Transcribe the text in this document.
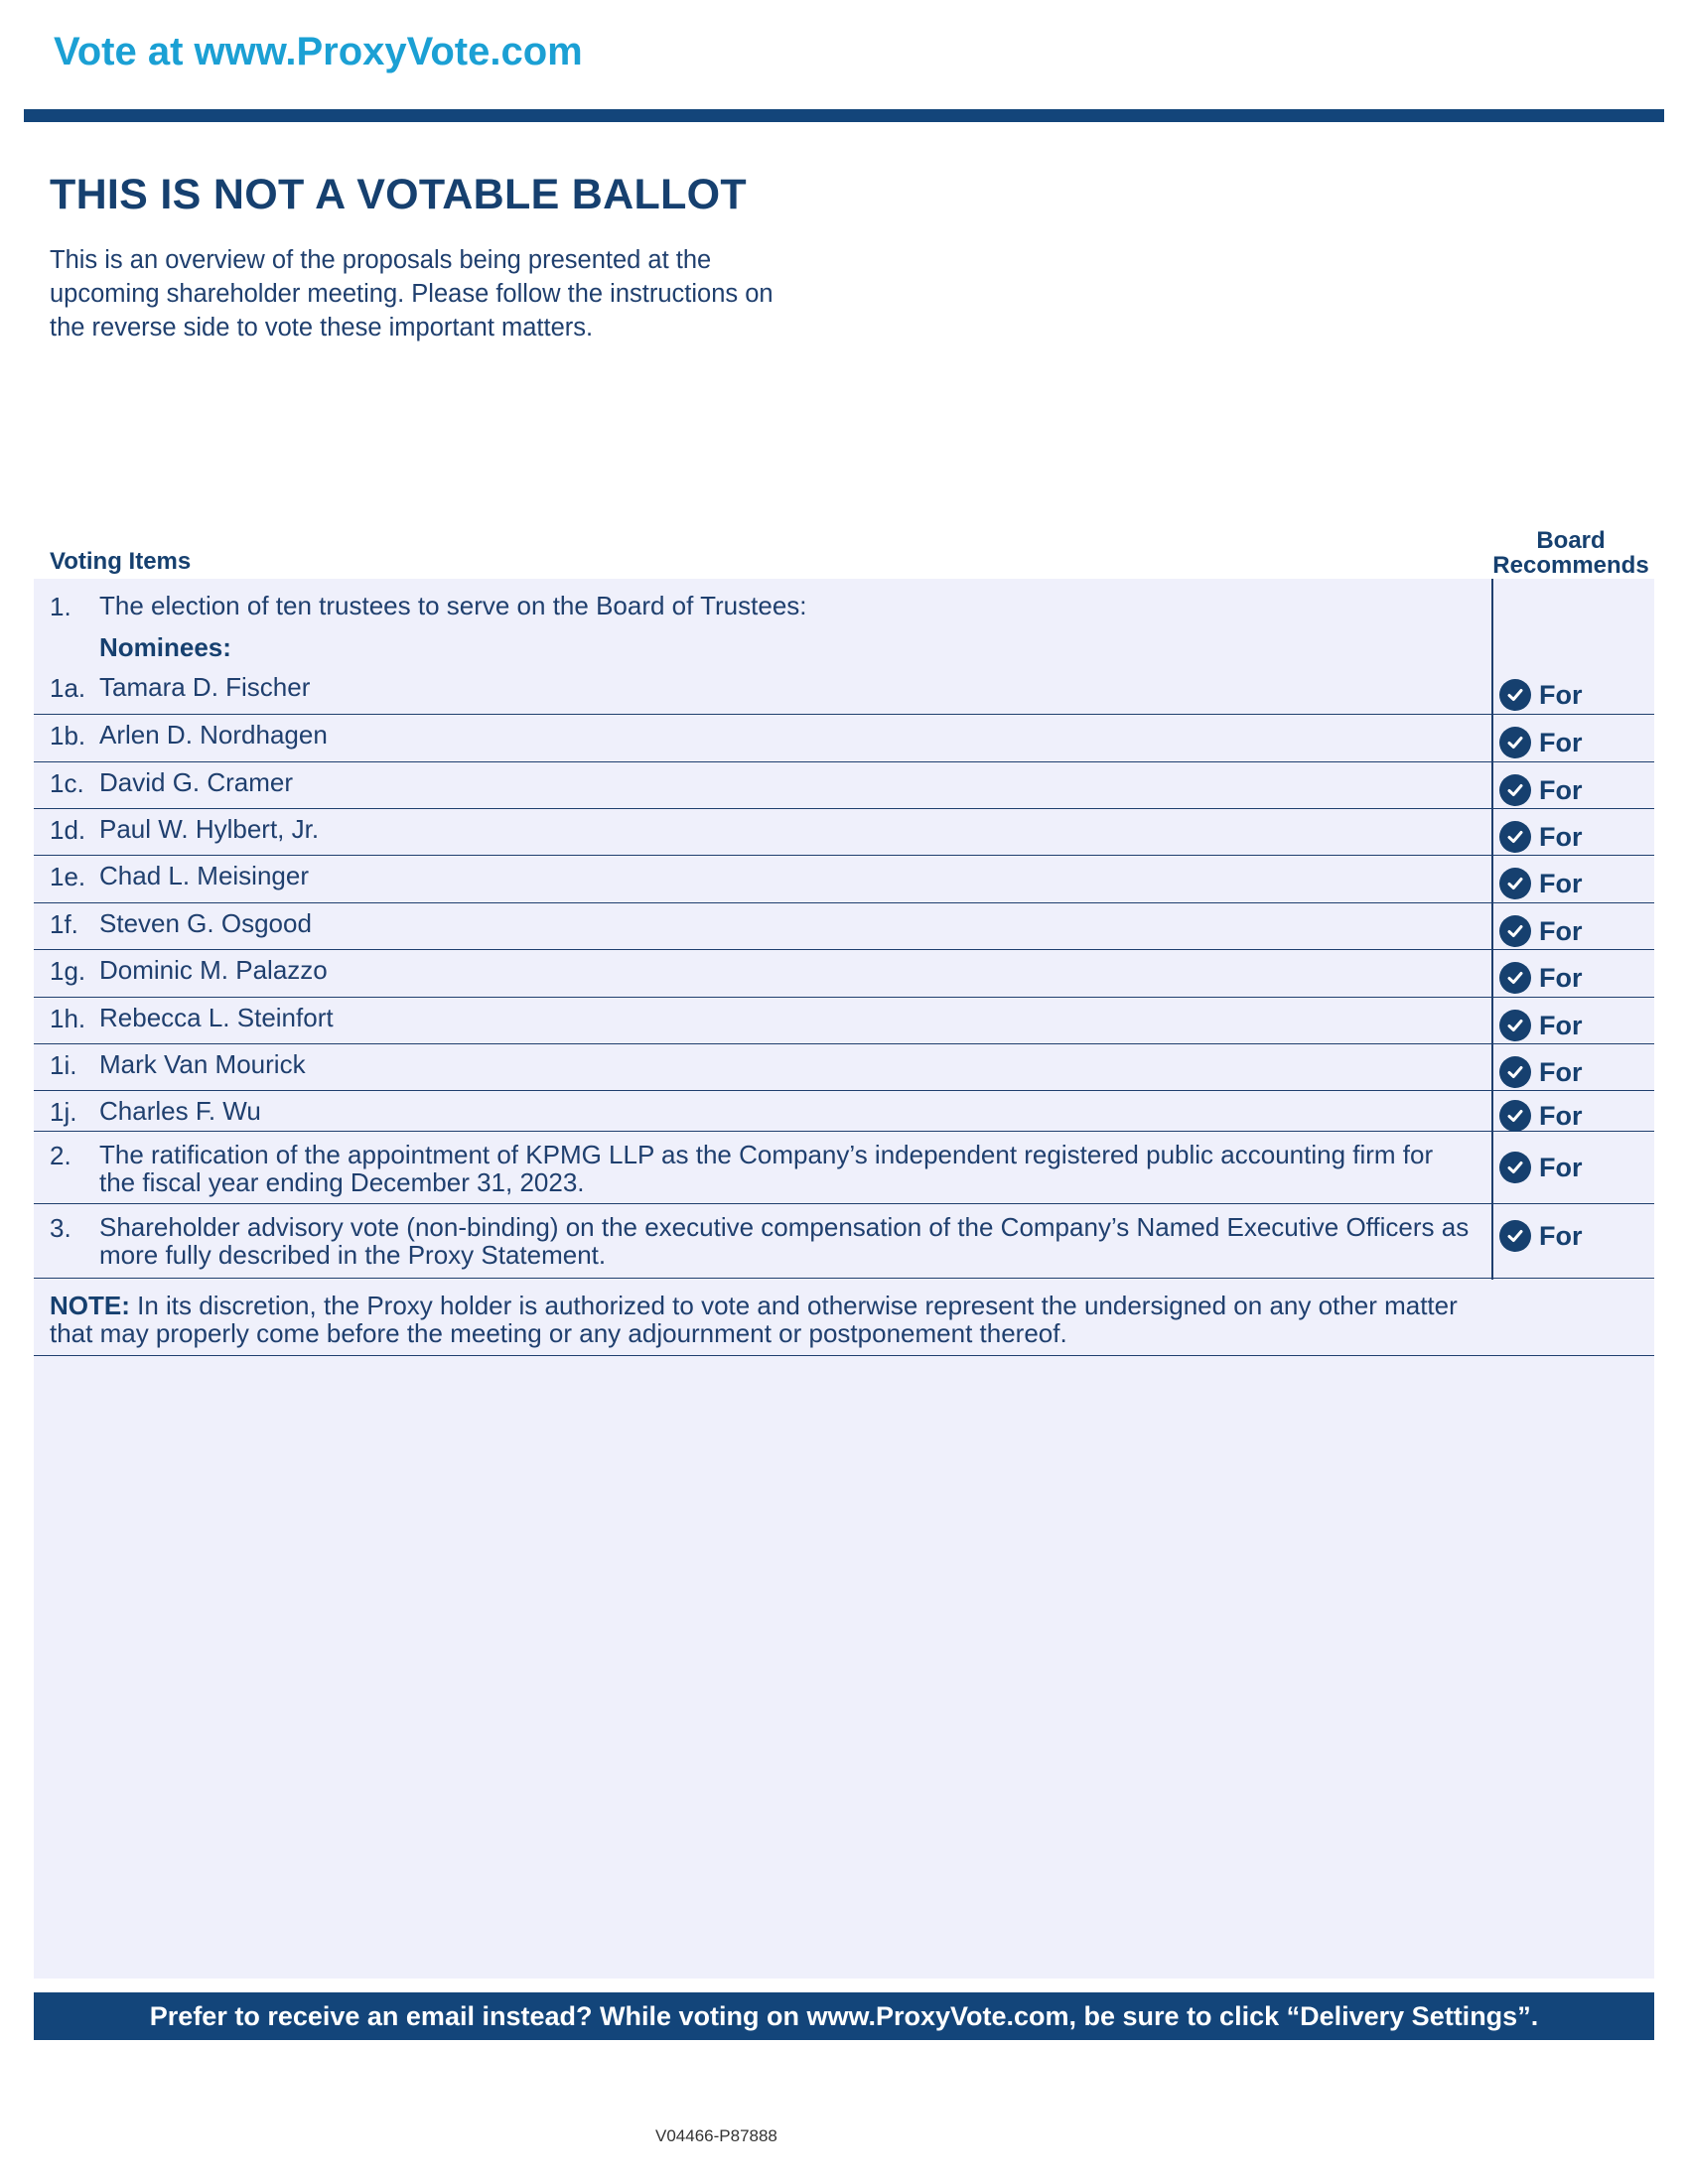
Vote at www.ProxyVote.com
THIS IS NOT A VOTABLE BALLOT
This is an overview of the proposals being presented at the
upcoming shareholder meeting. Please follow the instructions on
the reverse side to vote these important matters.
Voting Items
Board
Recommends
1. The election of ten trustees to serve on the Board of Trustees:
Nominees:
1a. Tamara D. Fischer	For
1b. Arlen D. Nordhagen	For
1c. David G. Cramer	For
1d. Paul W. Hylbert, Jr.	For
1e. Chad L. Meisinger	For
1f. Steven G. Osgood	For
1g. Dominic M. Palazzo	For
1h. Rebecca L. Steinfort	For
1i. Mark Van Mourick	For
1j. Charles F. Wu	For
2. The ratification of the appointment of KPMG LLP as the Company’s independent registered public accounting firm for
the fiscal year ending December 31, 2023.
For
3. Shareholder advisory vote (non-binding) on the executive compensation of the Company’s Named Executive Officers as
more fully described in the Proxy Statement.
For
NOTE: In its discretion, the Proxy holder is authorized to vote and otherwise represent the undersigned on any other matter that may properly come before the meeting or any adjournment or postponement thereof.
Prefer to receive an email instead? While voting on www.ProxyVote.com, be sure to click “Delivery Settings”.
V04466-P87888
